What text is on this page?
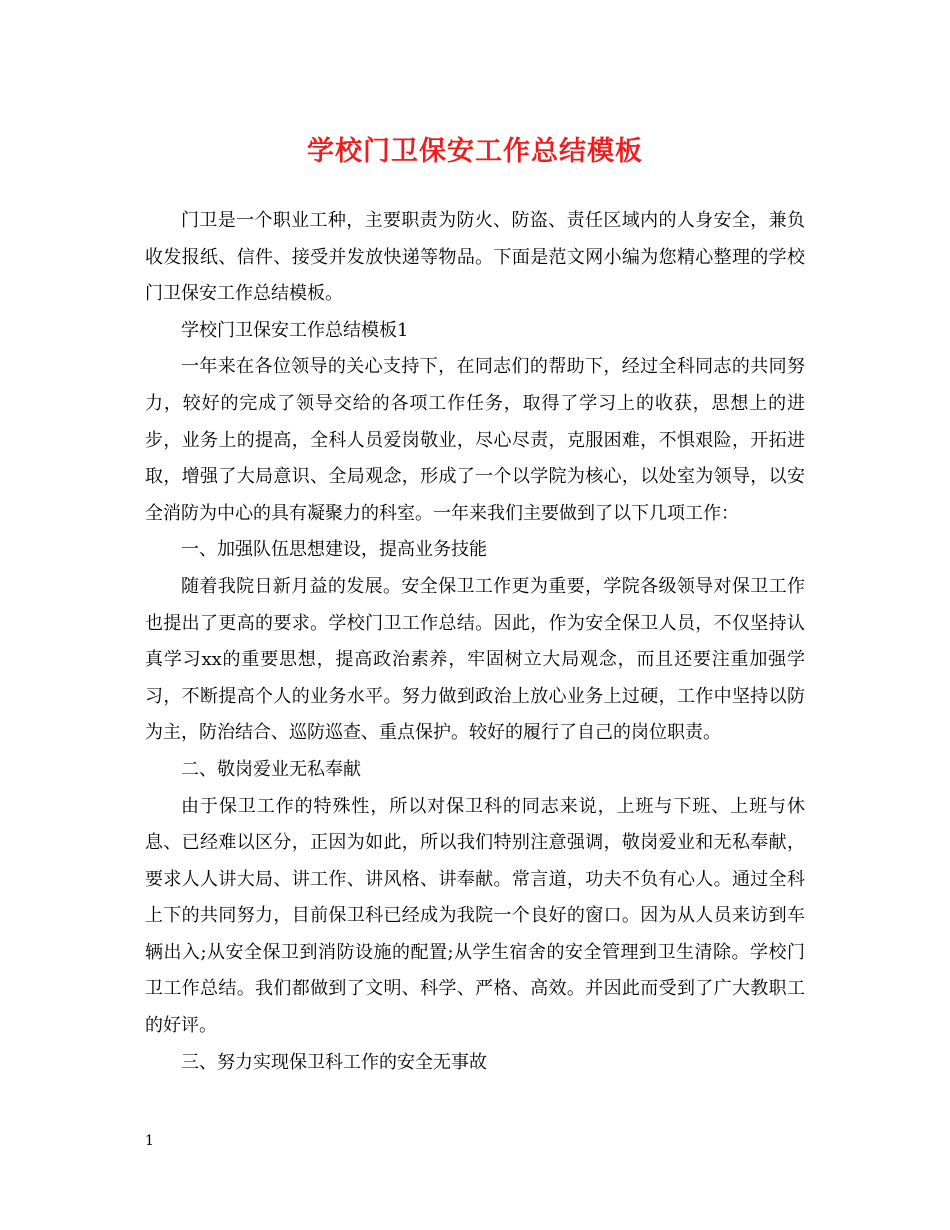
学校门卫保安工作总结模板

门卫是一个职业工种，主要职责为防火、防盗、责任区域内的人身安全，兼负收发报纸、信件、接受并发放快递等物品。下面是范文网小编为您精心整理的学校门卫保安工作总结模板。

学校门卫保安工作总结模板1

一年来在各位领导的关心支持下，在同志们的帮助下，经过全科同志的共同努力，较好的完成了领导交给的各项工作任务，取得了学习上的收获，思想上的进步，业务上的提高，全科人员爱岗敬业，尽心尽责，克服困难，不惧艰险，开拓进取，增强了大局意识、全局观念，形成了一个以学院为核心，以处室为领导，以安全消防为中心的具有凝聚力的科室。一年来我们主要做到了以下几项工作：

一、加强队伍思想建设，提高业务技能

随着我院日新月益的发展。安全保卫工作更为重要，学院各级领导对保卫工作也提出了更高的要求。学校门卫工作总结。因此，作为安全保卫人员，不仅坚持认真学习xx的重要思想，提高政治素养，牢固树立大局观念，而且还要注重加强学习，不断提高个人的业务水平。努力做到政治上放心业务上过硬，工作中坚持以防为主，防治结合、巡防巡查、重点保护。较好的履行了自己的岗位职责。

二、敬岗爱业无私奉献

由于保卫工作的特殊性，所以对保卫科的同志来说，上班与下班、上班与休息、已经难以区分，正因为如此，所以我们特别注意强调，敬岗爱业和无私奉献，要求人人讲大局、讲工作、讲风格、讲奉献。常言道，功夫不负有心人。通过全科上下的共同努力，目前保卫科已经成为我院一个良好的窗口。因为从人员来访到车辆出入;从安全保卫到消防设施的配置;从学生宿舍的安全管理到卫生清除。学校门卫工作总结。我们都做到了文明、科学、严格、高效。并因此而受到了广大教职工的好评。

三、努力实现保卫科工作的安全无事故

1
